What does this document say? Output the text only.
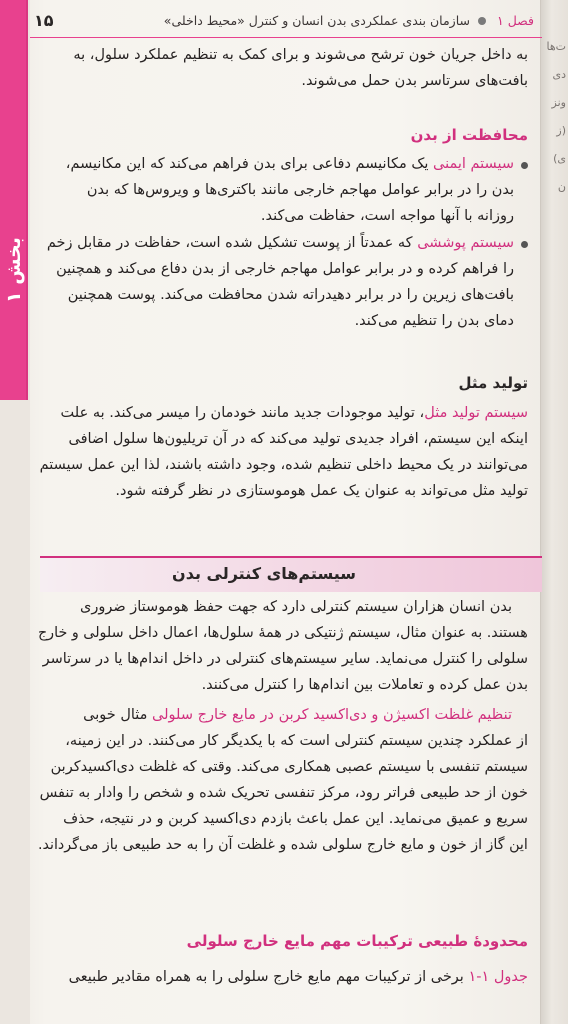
بخش ۱
ت‌ها
دی
ونز
(ز
ی)
ن
فصل ۱
سازمان بندی عملکردی بدن انسان و کنترل «محیط داخلی»
۱۵
به داخل جریان خون ترشح می‌شوند و برای کمک به تنظیم عملکرد سلول، به
بافت‌های سرتاسر بدن حمل می‌شوند.
محافظت از بدن
سیستم ایمنی یک مکانیسم دفاعی برای بدن فراهم می‌کند که این مکانیسم،
بدن را در برابر عوامل مهاجم خارجی مانند باکتری‌ها و ویروس‌ها که بدن
روزانه با آنها مواجه است، حفاظت می‌کند.
سیستم پوششی که عمدتاً از پوست تشکیل شده است، حفاظت در مقابل زخم
را فراهم کرده و در برابر عوامل مهاجم خارجی از بدن دفاع می‌کند و همچنین
بافت‌های زیرین را در برابر دهیدراته شدن محافظت می‌کند. پوست همچنین
دمای بدن را تنظیم می‌کند.
تولید مثل
سیستم تولید مثل، تولید موجودات جدید مانند خودمان را میسر می‌کند. به علت
اینکه این سیستم، افراد جدیدی تولید می‌کند که در آن تریلیون‌ها سلول اضافی
می‌توانند در یک محیط داخلی تنظیم شده، وجود داشته باشند، لذا این عمل سیستم
تولید مثل می‌تواند به عنوان یک عمل هوموستازی در نظر گرفته شود.
سیستم‌های کنترلی بدن
بدن انسان هزاران سیستم کنترلی دارد که جهت حفظ هوموستاز ضروری
هستند. به عنوان مثال، سیستم ژنتیکی در همهٔ سلول‌ها، اعمال داخل سلولی و خارج
سلولی را کنترل می‌نماید. سایر سیستم‌های کنترلی در داخل اندام‌ها یا در سرتاسر
بدن عمل کرده و تعاملات بین اندام‌ها را کنترل می‌کنند.
تنظیم غلظت اکسیژن و دی‌اکسید کربن در مایع خارج سلولی مثال خوبی
از عملکرد چندین سیستم کنترلی است که با یکدیگر کار می‌کنند. در این زمینه،
سیستم تنفسی با سیستم عصبی همکاری می‌کند. وقتی که غلظت دی‌اکسیدکربن
خون از حد طبیعی فراتر رود، مرکز تنفسی تحریک شده و شخص را وادار به تنفس
سریع و عمیق می‌نماید. این عمل باعث بازدم دی‌اکسید کربن و در نتیجه، حذف
این گاز از خون و مایع خارج سلولی شده و غلظت آن را به حد طبیعی باز می‌گرداند.
محدودهٔ طبیعی ترکیبات مهم مایع خارج سلولی
جدول ۱-۱ برخی از ترکیبات مهم مایع خارج سلولی را به همراه مقادیر طبیعی
